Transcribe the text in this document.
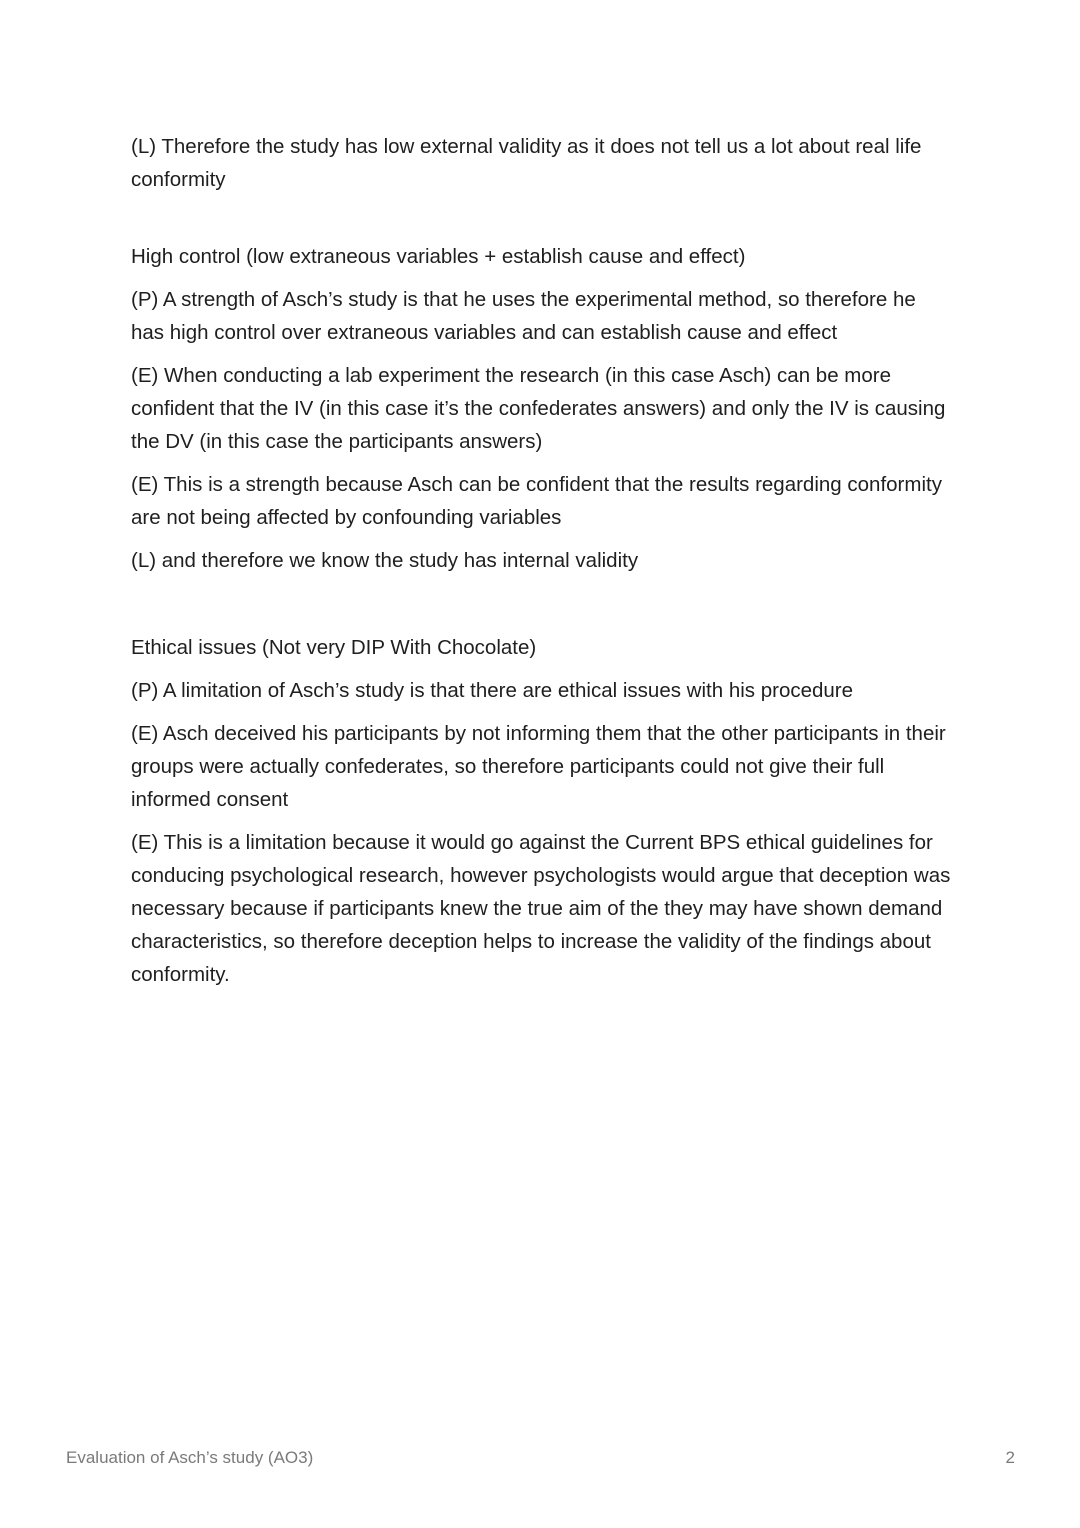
(L) Therefore the study has low external validity as it does not tell us a lot about real life conformity

High control (low extraneous variables + establish cause and effect)

(P) A strength of Asch’s study is that he uses the experimental method, so therefore he has high control over extraneous variables and can establish cause and effect

(E) When conducting a lab experiment the research (in this case Asch) can be more confident that the IV (in this case it’s the confederates answers) and only the IV is causing the DV (in this case the participants answers)

(E) This is a strength because Asch can be confident that the results regarding conformity are not being affected by confounding variables

(L) and therefore we know the study has internal validity

Ethical issues (Not very DIP With Chocolate)

(P) A limitation of Asch’s study is that there are ethical issues with his procedure

(E) Asch deceived his participants by not informing them that the other participants in their groups were actually confederates, so therefore participants could not give their full informed consent

(E) This is a limitation because it would go against the Current BPS ethical guidelines for conducing psychological research, however psychologists would argue that deception was necessary because if participants knew the true aim of the they may have shown demand characteristics, so therefore deception helps to increase the validity of the findings about conformity.

Evaluation of Asch’s study (AO3)	2
